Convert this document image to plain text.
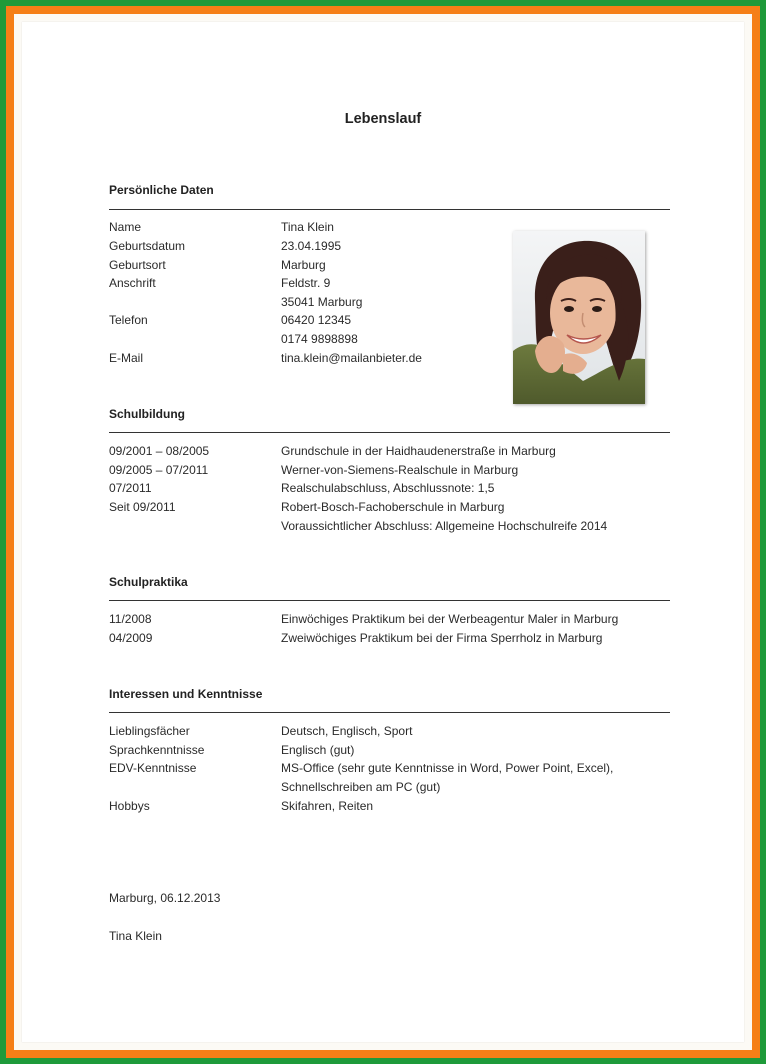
Lebenslauf
Persönliche Daten
Name	Tina Klein
Geburtsdatum	23.04.1995
Geburtsort	Marburg
Anschrift	Feldstr. 9
35041 Marburg
Telefon	06420 12345
0174 9898898
E-Mail	tina.klein@mailanbieter.de
Schulbildung
09/2001 – 08/2005	Grundschule in der Haidhaudenerstraße in Marburg
09/2005 – 07/2011	Werner-von-Siemens-Realschule in Marburg
07/2011	Realschulabschluss, Abschlussnote: 1,5
Seit 09/2011	Robert-Bosch-Fachoberschule in Marburg
Voraussichtlicher Abschluss: Allgemeine Hochschulreife 2014
Schulpraktika
11/2008	Einwöchiges Praktikum bei der Werbeagentur Maler in Marburg
04/2009	Zweiwöchiges Praktikum bei der Firma Sperrholz in Marburg
Interessen und Kenntnisse
Lieblingsfächer	Deutsch, Englisch, Sport
Sprachkenntnisse	Englisch (gut)
EDV-Kenntnisse	MS-Office (sehr gute Kenntnisse in Word, Power Point, Excel),
Schnellschreiben am PC (gut)
Hobbys	Skifahren, Reiten
Marburg, 06.12.2013
Tina Klein
